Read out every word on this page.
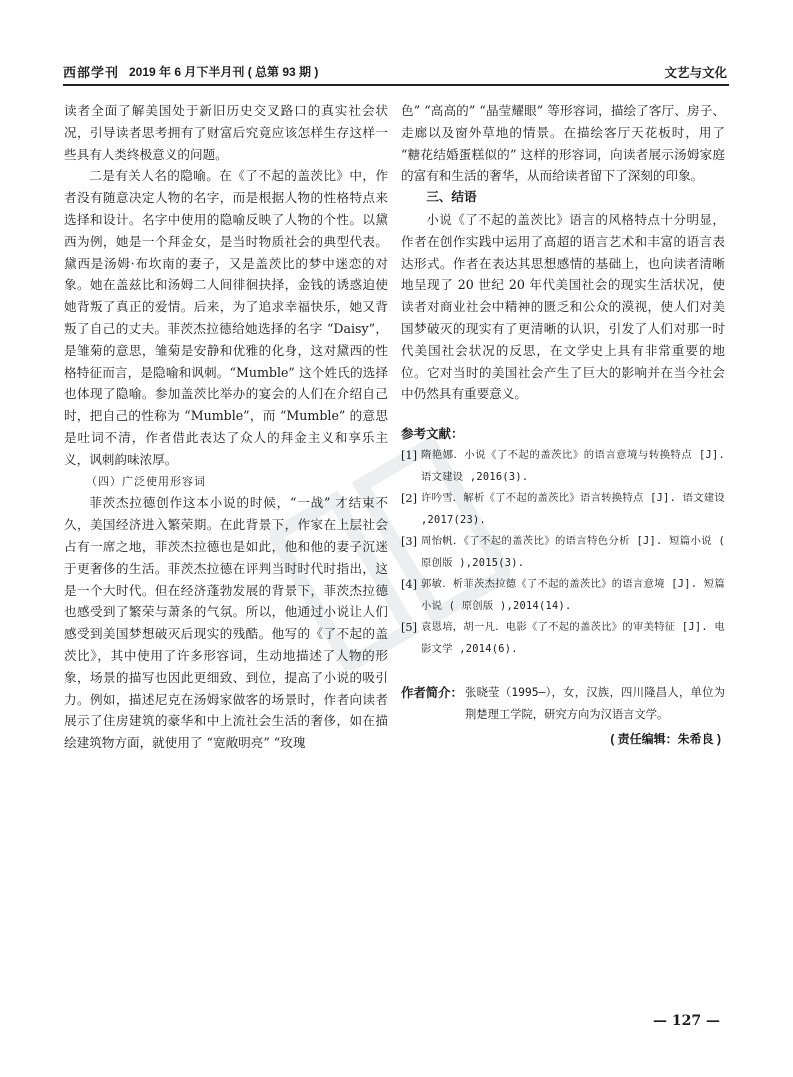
西部学刊 2019 年 6 月下半月刊 ( 总第 93 期 )	文艺与文化

读者全面了解美国处于新旧历史交叉路口的真实社会状况，引导读者思考拥有了财富后究竟应该怎样生存这样一些具有人类终极意义的问题。

二是有关人名的隐喻。在《了不起的盖茨比》中，作者没有随意决定人物的名字，而是根据人物的性格特点来选择和设计。名字中使用的隐喻反映了人物的个性。以黛西为例，她是一个拜金女，是当时物质社会的典型代表。黛西是汤姆·布坎南的妻子，又是盖茨比的梦中迷恋的对象。她在盖兹比和汤姆二人间徘徊抉择，金钱的诱惑迫使她背叛了真正的爱情。后来，为了追求幸福快乐，她又背叛了自己的丈夫。菲茨杰拉德给她选择的名字 “Daisy”，是雏菊的意思，雏菊是安静和优雅的化身，这对黛西的性格特征而言，是隐喻和讽刺。“Mumble” 这个姓氏的选择也体现了隐喻。参加盖茨比举办的宴会的人们在介绍自己时，把自己的性称为 “Mumble”，而 “Mumble” 的意思是吐词不清，作者借此表达了众人的拜金主义和享乐主义，讽刺韵味浓厚。

（四）广泛使用形容词

菲茨杰拉德创作这本小说的时候，“一战” 才结束不久，美国经济进入繁荣期。在此背景下，作家在上层社会占有一席之地，菲茨杰拉德也是如此，他和他的妻子沉迷于更奢侈的生活。菲茨杰拉德在评判当时时代时指出，这是一个大时代。但在经济蓬勃发展的背景下，菲茨杰拉德也感受到了繁荣与萧条的气氛。所以，他通过小说让人们感受到美国梦想破灭后现实的残酷。他写的《了不起的盖茨比》，其中使用了许多形容词，生动地描述了人物的形象，场景的描写也因此更细致、到位，提高了小说的吸引力。例如，描述尼克在汤姆家做客的场景时，作者向读者展示了住房建筑的豪华和中上流社会生活的奢侈，如在描绘建筑物方面，就使用了 “宽敞明亮” “玫瑰

色” “高高的” “晶莹耀眼” 等形容词，描绘了客厅、房子、走廊以及窗外草地的情景。在描绘客厅天花板时，用了 “糖花结婚蛋糕似的” 这样的形容词，向读者展示汤姆家庭的富有和生活的奢华，从而给读者留下了深刻的印象。

三、结语

小说《了不起的盖茨比》语言的风格特点十分明显，作者在创作实践中运用了高超的语言艺术和丰富的语言表达形式。作者在表达其思想感情的基础上，也向读者清晰地呈现了 20 世纪 20 年代美国社会的现实生活状况，使读者对商业社会中精神的匮乏和公众的漠视，使人们对美国梦破灭的现实有了更清晰的认识，引发了人们对那一时代美国社会状况的反思，在文学史上具有非常重要的地位。它对当时的美国社会产生了巨大的影响并在当今社会中仍然具有重要意义。

参考文献：
[1] 隋艳娜．小说《了不起的盖茨比》的语言意境与转换特点 [J]. 语文建设 ,2016(3).
[2] 许吟雪．解析《了不起的盖茨比》语言转换特点 [J]. 语文建设 ,2017(23).
[3] 周怡帆．《了不起的盖茨比》的语言特色分析 [J]. 短篇小说 ( 原创版 ),2015(3).
[4] 郭敏．析菲茨杰拉德《了不起的盖茨比》的语言意境 [J]. 短篇小说 ( 原创版 ),2014(14).
[5] 袁恩培，胡一凡．电影《了不起的盖茨比》的审美特征 [J]. 电影文学 ,2014(6).
作者简介： 张晓莹（1995—），女，汉族，四川隆昌人，单位为荆楚理工学院，研究方向为汉语言文学。
( 责任编辑：朱希良 )
— 127 —
